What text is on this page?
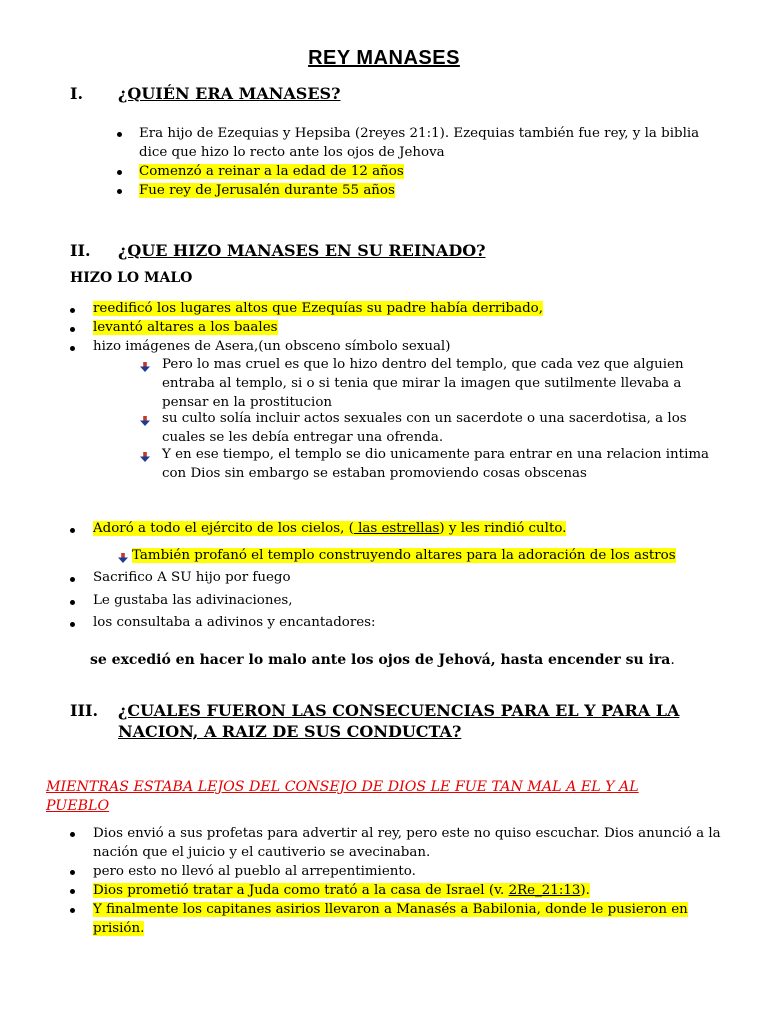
REY MANASES
I. ¿QUIÉN ERA MANASES?
Era hijo de Ezequias y Hepsiba (2reyes 21:1). Ezequias también fue rey, y la biblia
dice que hizo lo recto ante los ojos de Jehova
Comenzó a reinar a la edad de 12 años
Fue rey de Jerusalén durante 55 años
II. ¿QUE HIZO MANASES EN SU REINADO?
HIZO LO MALO
reedificó los lugares altos que Ezequías su padre había derribado,
levantó altares a los baales
hizo imágenes de Asera,(un obsceno símbolo sexual)
Pero lo mas cruel es que lo hizo dentro del templo, que cada vez que alguien
entraba al templo, si o si tenia que mirar la imagen que sutilmente llevaba a
pensar en la prostitucion
su culto solía incluir actos sexuales con un sacerdote o una sacerdotisa, a los
cuales se les debía entregar una ofrenda.
Y en ese tiempo, el templo se dio unicamente para entrar en una relacion intima
con Dios sin embargo se estaban promoviendo cosas obscenas
Adoró a todo el ejército de los cielos, ( las estrellas) y les rindió culto.
También profanó el templo construyendo altares para la adoración de los astros
Sacrifico A SU hijo por fuego
Le gustaba las adivinaciones,
los consultaba a adivinos y encantadores:
se excedió en hacer lo malo ante los ojos de Jehová, hasta encender su ira.
III. ¿CUALES FUERON LAS CONSECUENCIAS PARA EL Y PARA LA
NACION, A RAIZ DE SUS CONDUCTA?
MIENTRAS ESTABA LEJOS DEL CONSEJO DE DIOS LE FUE TAN MAL A EL Y AL
PUEBLO
Dios envió a sus profetas para advertir al rey, pero este no quiso escuchar. Dios anunció a la
nación que el juicio y el cautiverio se avecinaban.
pero esto no llevó al pueblo al arrepentimiento.
Dios prometió tratar a Juda como trató a la casa de Israel (v. 2Re_21:13).
Y finalmente los capitanes asirios llevaron a Manasés a Babilonia, donde le pusieron en
prisión.
